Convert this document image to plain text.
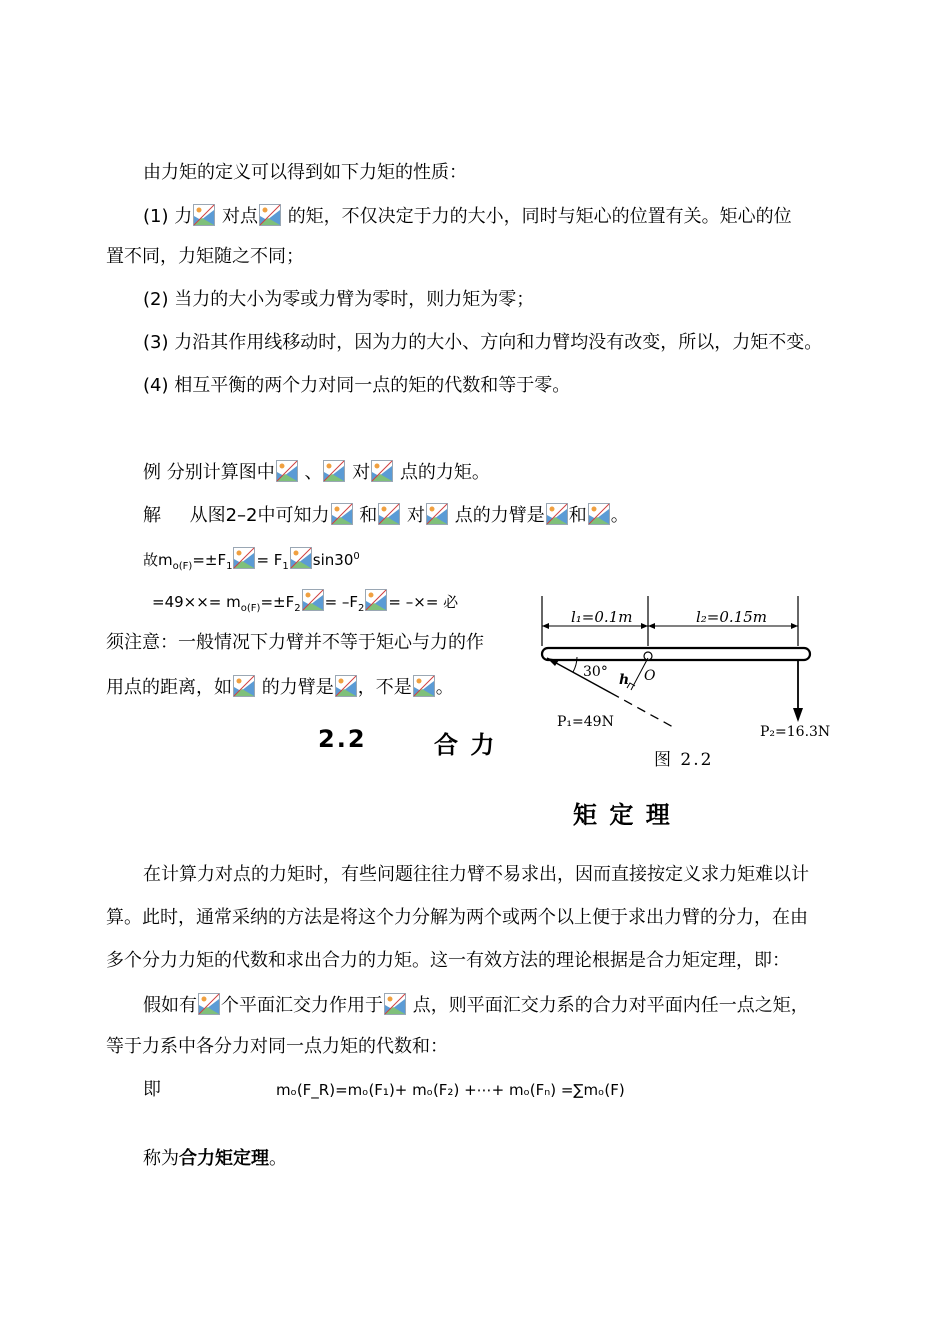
由力矩的定义可以得到如下力矩的性质：
(1) 力 对点 的矩，不仅决定于力的大小，同时与矩心的位置有关。矩心的位
置不同，力矩随之不同；
(2) 当力的大小为零或力臂为零时，则力矩为零；
(3) 力沿其作用线移动时，因为力的大小、方向和力臂均没有改变，所以，力矩不变。
(4) 相互平衡的两个力对同一点的矩的代数和等于零。
例 分别计算图中 、 对 点的力矩。
解 从图2–2中可知力 和 对 点的力臂是 和 。
故$m_{o(F)}=\pm F_1 = F_1$ $\sin 30^0$
$=49\times\times= m_{o(F)}=\pm F_2 = -F_2$ = –×= 必
须注意：一般情况下力臂并不等于矩心与力的作
用点的距离，如 的力臂是 ，不是 。
2.2	合 力
矩 定 理
l₁=0.1m	l₂=0.15m
O
30° h
P₁=49N
P₂=16.3N
图 2.2
在计算力对点的力矩时，有些问题往往力臂不易求出，因而直接按定义求力矩难以计
算。此时，通常采纳的方法是将这个力分解为两个或两个以上便于求出力臂的分力，在由
多个分力力矩的代数和求出合力的力矩。这一有效方法的理论根据是合力矩定理，即：
假如有 个平面汇交力作用于 点，则平面汇交力系的合力对平面内任一点之矩，
等于力系中各分力对同一点力矩的代数和：
即	mₒ(F_R)=mₒ(F₁)+ mₒ(F₂) +⋯+ mₒ(Fₙ) =∑mₒ(F)
称为合力矩定理。
